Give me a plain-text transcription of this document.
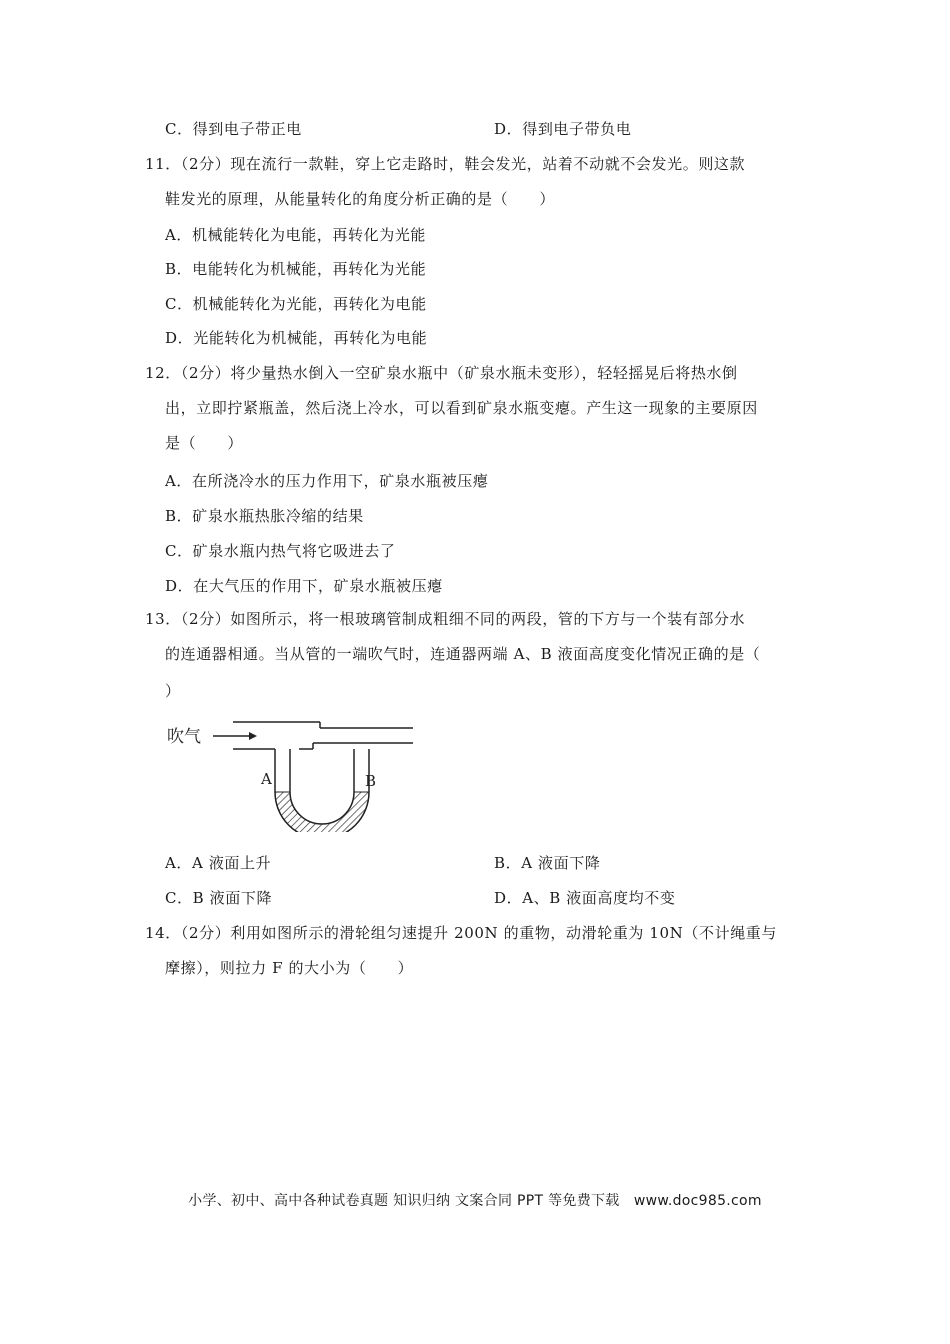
C．得到电子带正电	D．得到电子带负电
11．（2分）现在流行一款鞋，穿上它走路时，鞋会发光，站着不动就不会发光。则这款
鞋发光的原理，从能量转化的角度分析正确的是（　　）
A．机械能转化为电能，再转化为光能
B．电能转化为机械能，再转化为光能
C．机械能转化为光能，再转化为电能
D．光能转化为机械能，再转化为电能
12．（2分）将少量热水倒入一空矿泉水瓶中（矿泉水瓶未变形），轻轻摇晃后将热水倒
出，立即拧紧瓶盖，然后浇上冷水，可以看到矿泉水瓶变瘪。产生这一现象的主要原因
是（　　）
A．在所浇冷水的压力作用下，矿泉水瓶被压瘪
B．矿泉水瓶热胀冷缩的结果
C．矿泉水瓶内热气将它吸进去了
D．在大气压的作用下，矿泉水瓶被压瘪
13．（2分）如图所示，将一根玻璃管制成粗细不同的两段，管的下方与一个装有部分水
的连通器相通。当从管的一端吹气时，连通器两端 A、B 液面高度变化情况正确的是（
）
吹气
A	B
A．A 液面上升	B．A 液面下降
C．B 液面下降	D．A、B 液面高度均不变
14．（2分）利用如图所示的滑轮组匀速提升 200N 的重物，动滑轮重为 10N（不计绳重与
摩擦），则拉力 F 的大小为（　　）
小学、初中、高中各种试卷真题 知识归纳 文案合同 PPT 等免费下载　www.doc985.com
